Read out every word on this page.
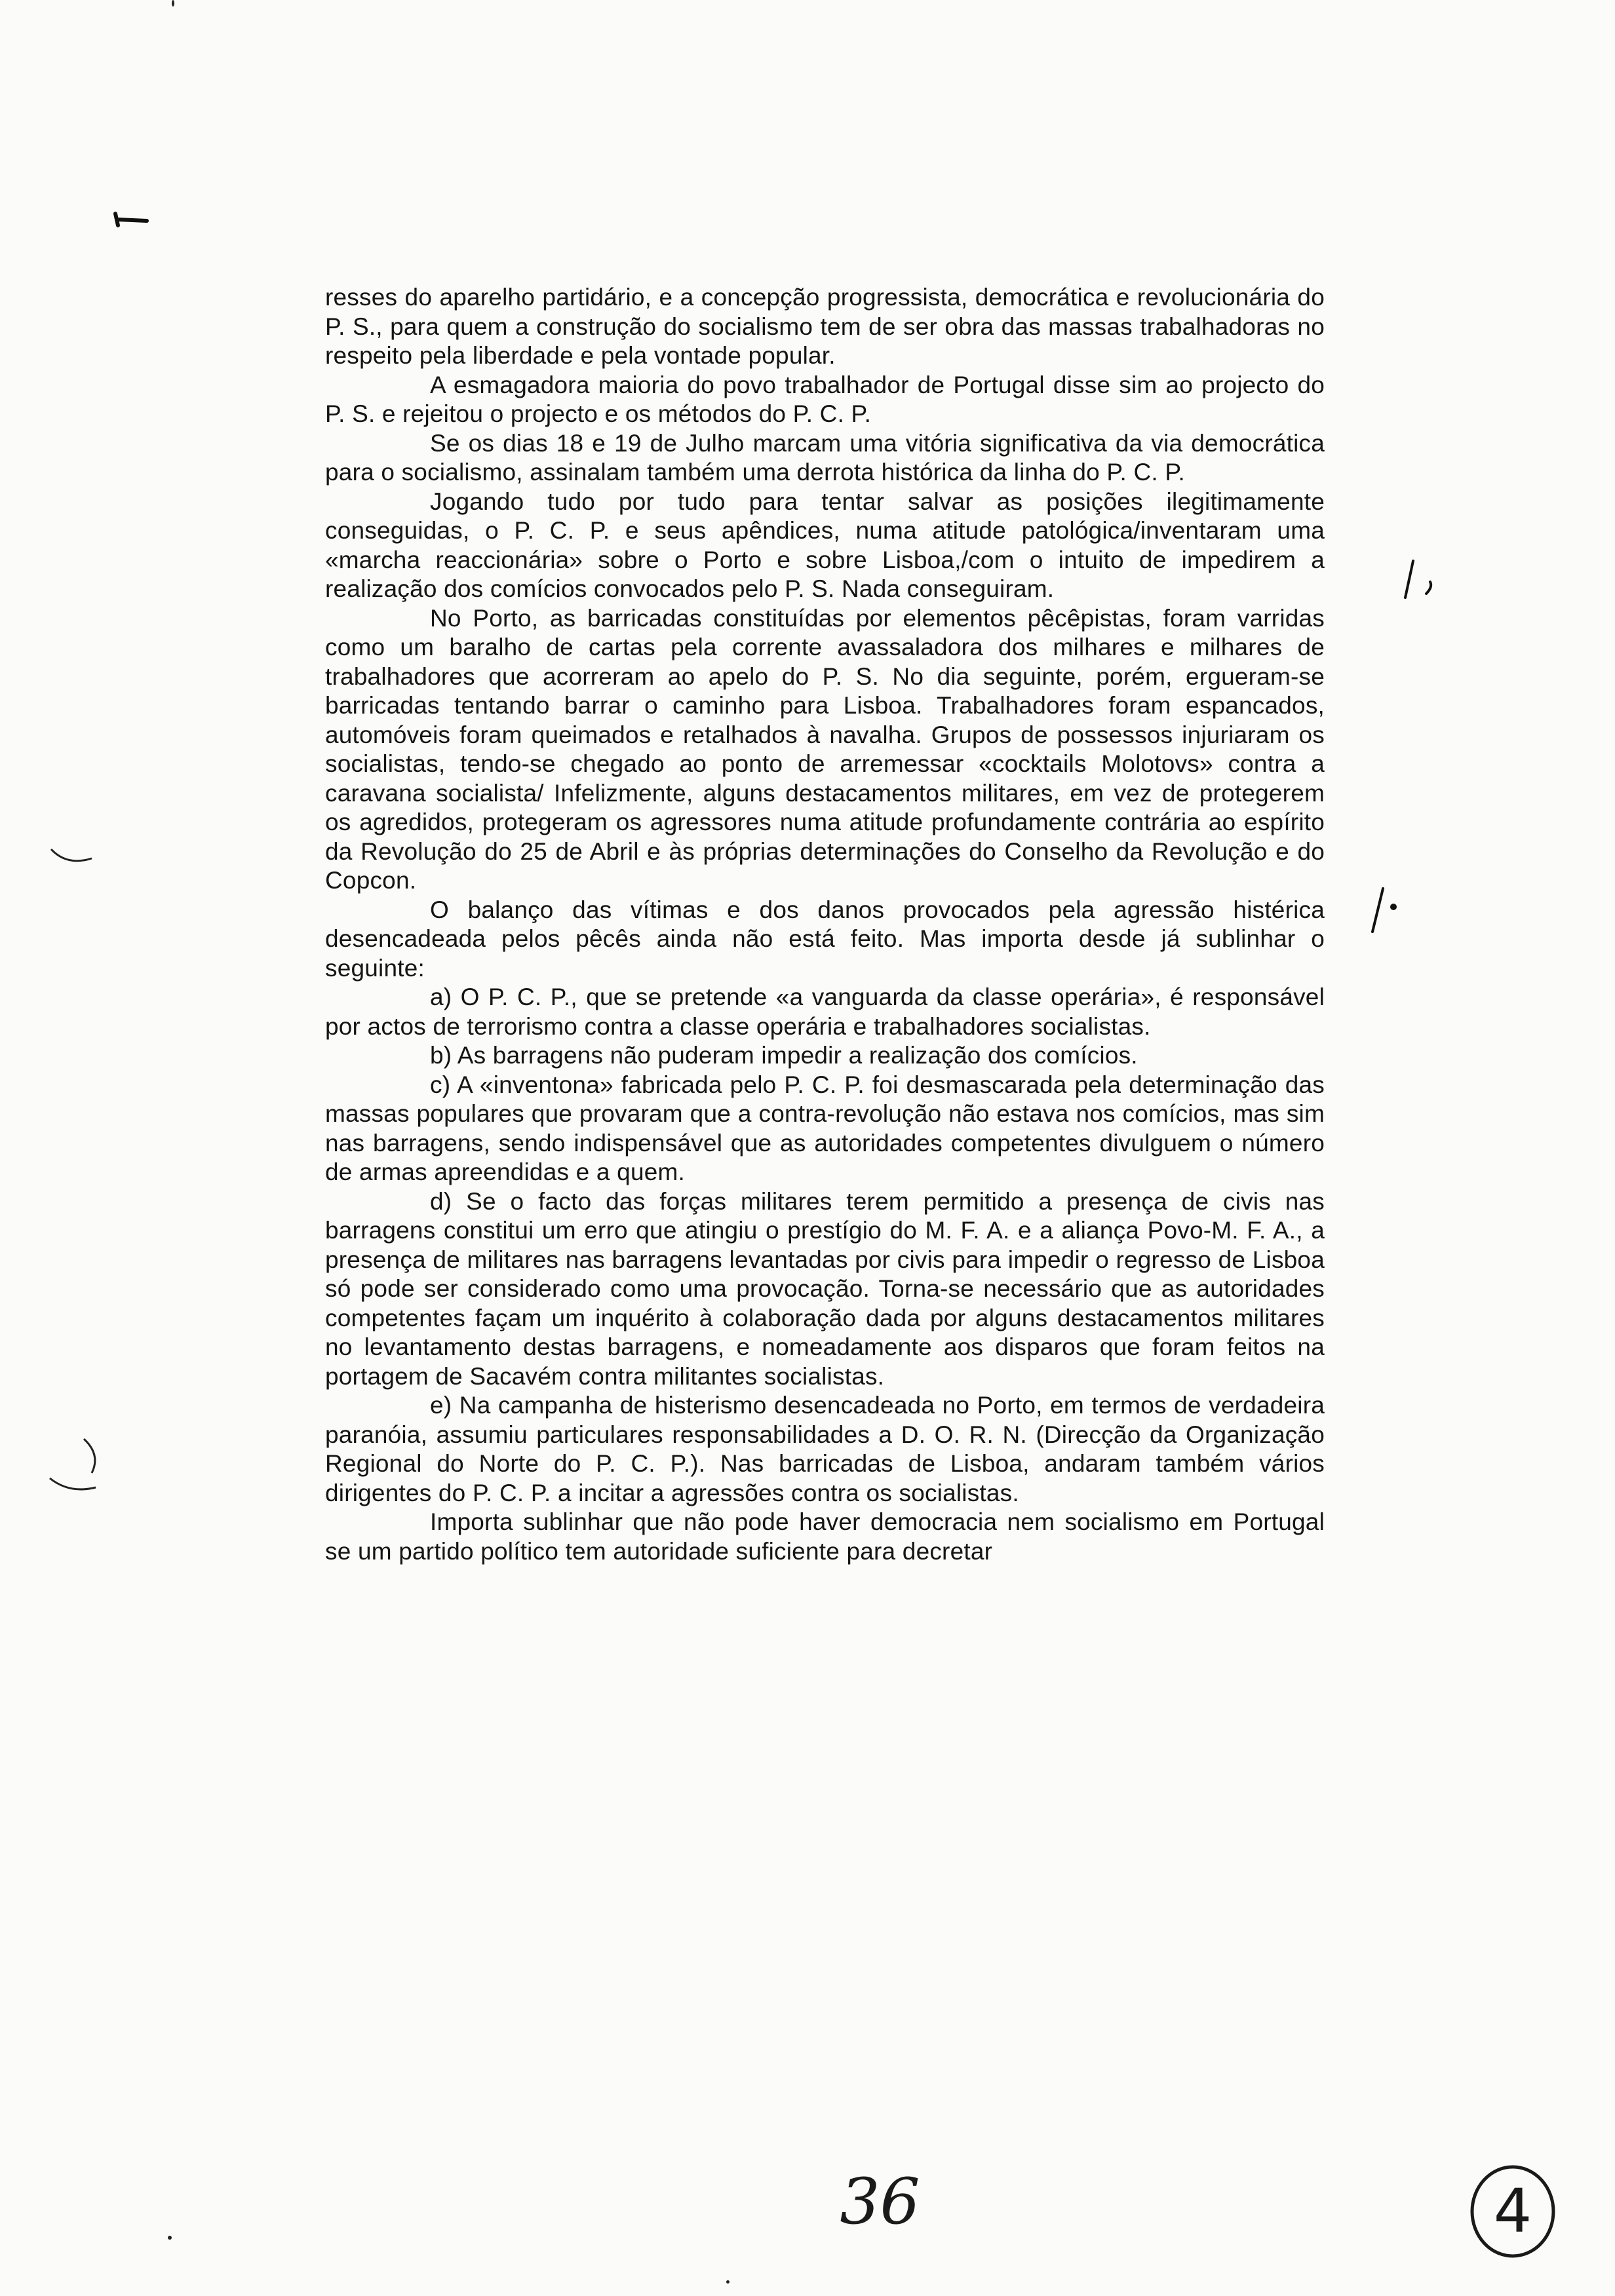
resses do aparelho partidário, e a concepção progressista, democrática e revolucionária do P. S., para quem a construção do socialismo tem de ser obra das massas trabalhadoras no respeito pela liberdade e pela vontade popular.

A esmagadora maioria do povo trabalhador de Portugal disse sim ao projecto do P. S. e rejeitou o projecto e os métodos do P. C. P.

Se os dias 18 e 19 de Julho marcam uma vitória significativa da via democrática para o socialismo, assinalam também uma derrota histórica da linha do P. C. P.

Jogando tudo por tudo para tentar salvar as posições ilegitimamente conseguidas, o P. C. P. e seus apêndices, numa atitude patológica/inventaram uma «marcha reaccionária» sobre o Porto e sobre Lisboa,/com o intuito de impedirem a realização dos comícios convocados pelo P. S. Nada conseguiram.

No Porto, as barricadas constituídas por elementos pêcêpistas, foram varridas como um baralho de cartas pela corrente avassaladora dos milhares e milhares de trabalhadores que acorreram ao apelo do P. S. No dia seguinte, porém, ergueram-se barricadas tentando barrar o caminho para Lisboa. Trabalhadores foram espancados, automóveis foram queimados e retalhados à navalha. Grupos de possessos injuriaram os socialistas, tendo-se chegado ao ponto de arremessar «cocktails Molotovs» contra a caravana socialista/ Infelizmente, alguns destacamentos militares, em vez de protegerem os agredidos, protegeram os agressores numa atitude profundamente contrária ao espírito da Revolução do 25 de Abril e às próprias determinações do Conselho da Revolução e do Copcon.

O balanço das vítimas e dos danos provocados pela agressão histérica desencadeada pelos pêcês ainda não está feito. Mas importa desde já sublinhar o seguinte:

a) O P. C. P., que se pretende «a vanguarda da classe operária», é responsável por actos de terrorismo contra a classe operária e trabalhadores socialistas.

b) As barragens não puderam impedir a realização dos comícios.

c) A «inventona» fabricada pelo P. C. P. foi desmascarada pela determinação das massas populares que provaram que a contra-revolução não estava nos comícios, mas sim nas barragens, sendo indispensável que as autoridades competentes divulguem o número de armas apreendidas e a quem.

d) Se o facto das forças militares terem permitido a presença de civis nas barragens constitui um erro que atingiu o prestígio do M. F. A. e a aliança Povo-M. F. A., a presença de militares nas barragens levantadas por civis para impedir o regresso de Lisboa só pode ser considerado como uma provocação. Torna-se necessário que as autoridades competentes façam um inquérito à colaboração dada por alguns destacamentos militares no levantamento destas barragens, e nomeadamente aos disparos que foram feitos na portagem de Sacavém contra militantes socialistas.

e) Na campanha de histerismo desencadeada no Porto, em termos de verdadeira paranóia, assumiu particulares responsabilidades a D. O. R. N. (Direcção da Organização Regional do Norte do P. C. P.). Nas barricadas de Lisboa, andaram também vários dirigentes do P. C. P. a incitar a agressões contra os socialistas.

Importa sublinhar que não pode haver democracia nem socialismo em Portugal se um partido político tem autoridade suficiente para decretar

36	4
